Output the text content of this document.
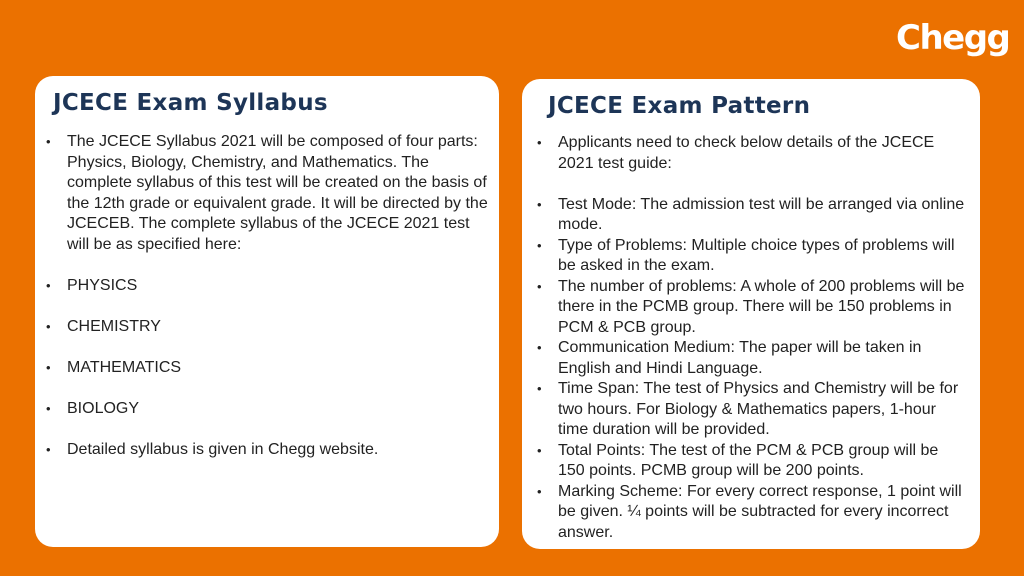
Chegg
JCECE Exam Syllabus
• The JCECE Syllabus 2021 will be composed of four parts: Physics, Biology, Chemistry, and Mathematics. The complete syllabus of this test will be created on the basis of the 12th grade or equivalent grade. It will be directed by the JCECEB. The complete syllabus of the JCECE 2021 test will be as specified here:
• PHYSICS
• CHEMISTRY
• MATHEMATICS
• BIOLOGY
• Detailed syllabus is given in Chegg website.
JCECE Exam Pattern
• Applicants need to check below details of the JCECE 2021 test guide:
• Test Mode: The admission test will be arranged via online mode.
• Type of Problems: Multiple choice types of problems will be asked in the exam.
• The number of problems: A whole of 200 problems will be there in the PCMB group. There will be 150 problems in PCM & PCB group.
• Communication Medium: The paper will be taken in English and Hindi Language.
• Time Span: The test of Physics and Chemistry will be for two hours. For Biology & Mathematics papers, 1-hour time duration will be provided.
• Total Points: The test of the PCM & PCB group will be 150 points. PCMB group will be 200 points.
• Marking Scheme: For every correct response, 1 point will be given. ¼ points will be subtracted for every incorrect answer.
